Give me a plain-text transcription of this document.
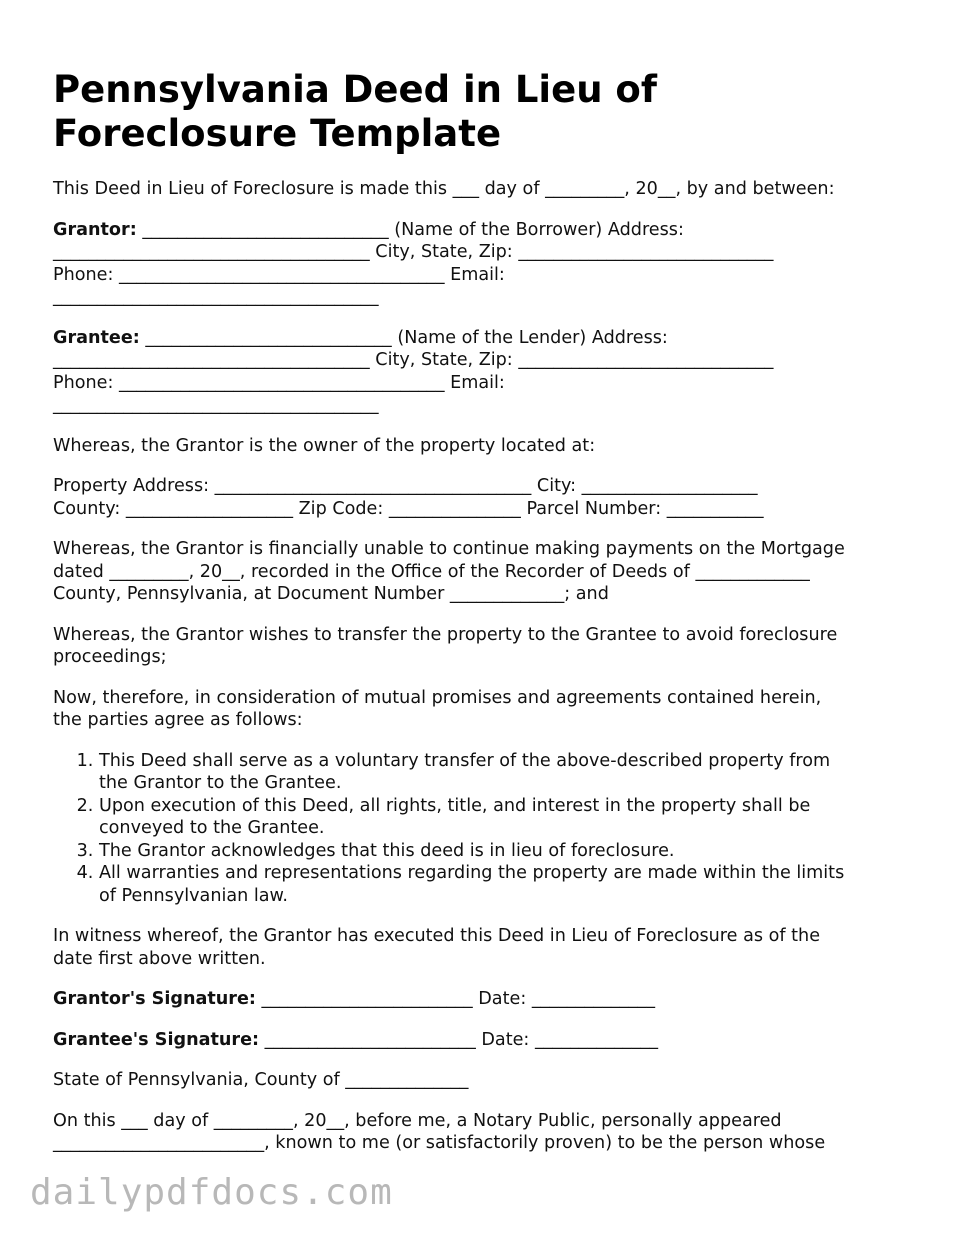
Pennsylvania Deed in Lieu of
Foreclosure Template

This Deed in Lieu of Foreclosure is made this ___ day of _________, 20__, by and between:

Grantor: ____________________________ (Name of the Borrower) Address:
____________________________________ City, State, Zip: _____________________________
Phone: _____________________________________ Email:
_____________________________________

Grantee: ____________________________ (Name of the Lender) Address:
____________________________________ City, State, Zip: _____________________________
Phone: _____________________________________ Email:
_____________________________________

Whereas, the Grantor is the owner of the property located at:

Property Address: ____________________________________ City: ____________________
County: ___________________ Zip Code: _______________ Parcel Number: ___________

Whereas, the Grantor is financially unable to continue making payments on the Mortgage
dated _________, 20__, recorded in the Office of the Recorder of Deeds of _____________
County, Pennsylvania, at Document Number _____________; and

Whereas, the Grantor wishes to transfer the property to the Grantee to avoid foreclosure
proceedings;

Now, therefore, in consideration of mutual promises and agreements contained herein,
the parties agree as follows:

1. This Deed shall serve as a voluntary transfer of the above-described property from
the Grantor to the Grantee.
2. Upon execution of this Deed, all rights, title, and interest in the property shall be
conveyed to the Grantee.
3. The Grantor acknowledges that this deed is in lieu of foreclosure.
4. All warranties and representations regarding the property are made within the limits
of Pennsylvanian law.

In witness whereof, the Grantor has executed this Deed in Lieu of Foreclosure as of the
date first above written.

Grantor's Signature: ________________________ Date: ______________

Grantee's Signature: ________________________ Date: ______________

State of Pennsylvania, County of ______________

On this ___ day of _________, 20__, before me, a Notary Public, personally appeared
________________________, known to me (or satisfactorily proven) to be the person whose

dailypdfdocs.com
